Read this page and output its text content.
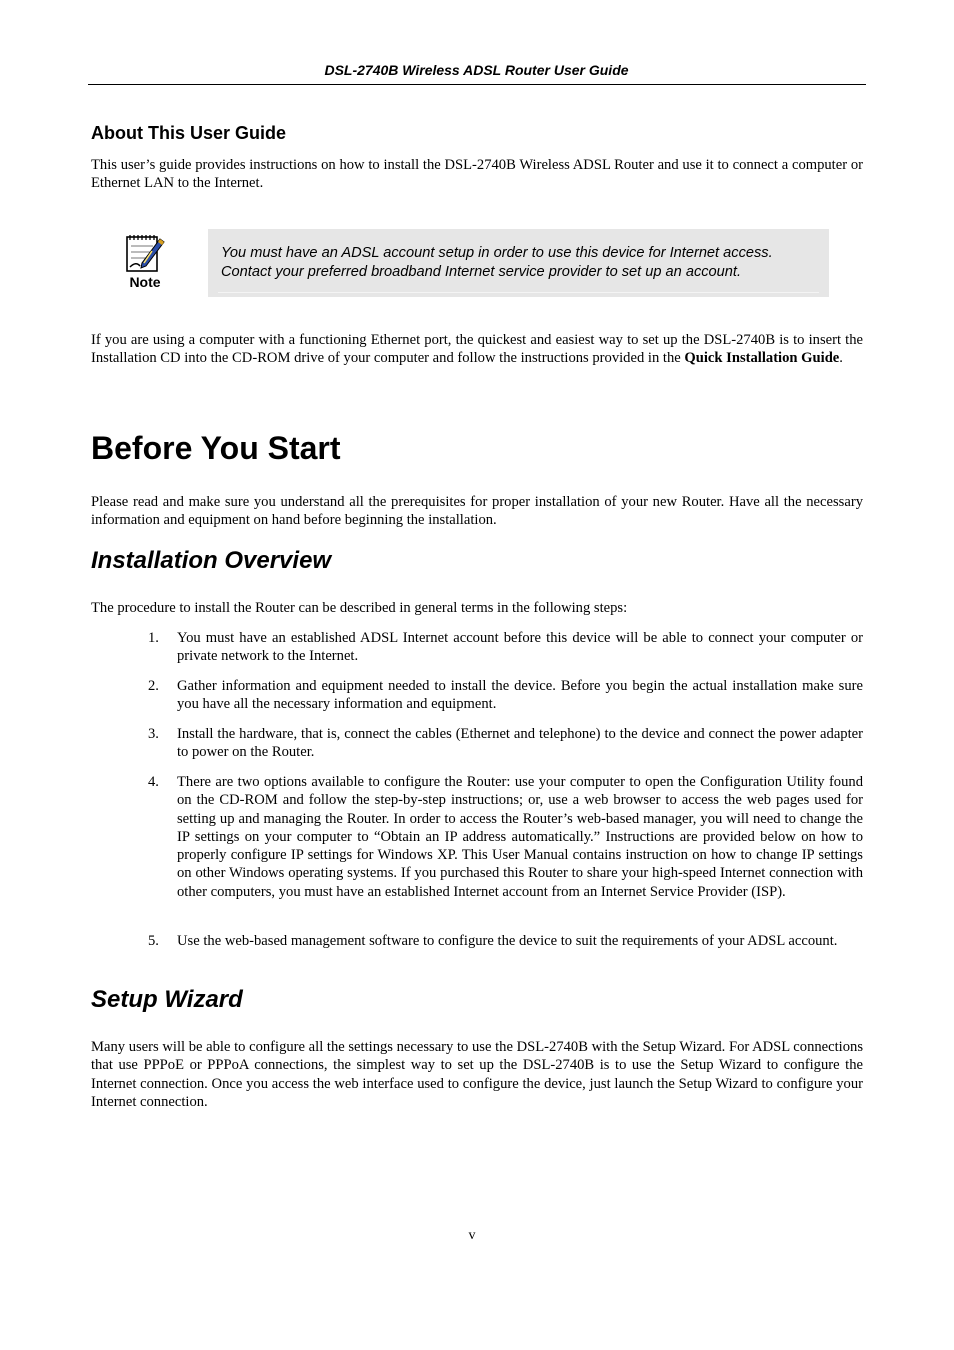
DSL-2740B Wireless ADSL Router User Guide
About This User Guide
This user’s guide provides instructions on how to install the DSL-2740B Wireless ADSL Router and use it to connect a computer or Ethernet LAN to the Internet.
Note
You must have an ADSL account setup in order to use this device for Internet access. Contact your preferred broadband Internet service provider to set up an account.
If you are using a computer with a functioning Ethernet port, the quickest and easiest way to set up the DSL-2740B is to insert the Installation CD into the CD-ROM drive of your computer and follow the instructions provided in the Quick Installation Guide.
Before You Start
Please read and make sure you understand all the prerequisites for proper installation of your new Router. Have all the necessary information and equipment on hand before beginning the installation.
Installation Overview
The procedure to install the Router can be described in general terms in the following steps:
1.	You must have an established ADSL Internet account before this device will be able to connect your computer or private network to the Internet.
2.	Gather information and equipment needed to install the device. Before you begin the actual installation make sure you have all the necessary information and equipment.
3.	Install the hardware, that is, connect the cables (Ethernet and telephone) to the device and connect the power adapter to power on the Router.
4.	There are two options available to configure the Router: use your computer to open the Configuration Utility found on the CD-ROM and follow the step-by-step instructions; or, use a web browser to access the web pages used for setting up and managing the Router. In order to access the Router’s web-based manager, you will need to change the IP settings on your computer to “Obtain an IP address automatically.” Instructions are provided below on how to properly configure IP settings for Windows XP. This User Manual contains instruction on how to change IP settings on other Windows operating systems. If you purchased this Router to share your high-speed Internet connection with other computers, you must have an established Internet account from an Internet Service Provider (ISP).
5.	Use the web-based management software to configure the device to suit the requirements of your ADSL account.
Setup Wizard
Many users will be able to configure all the settings necessary to use the DSL-2740B with the Setup Wizard. For ADSL connections that use PPPoE or PPPoA connections, the simplest way to set up the DSL-2740B is to use the Setup Wizard to configure the Internet connection. Once you access the web interface used to configure the device, just launch the Setup Wizard to configure your Internet connection.
v
